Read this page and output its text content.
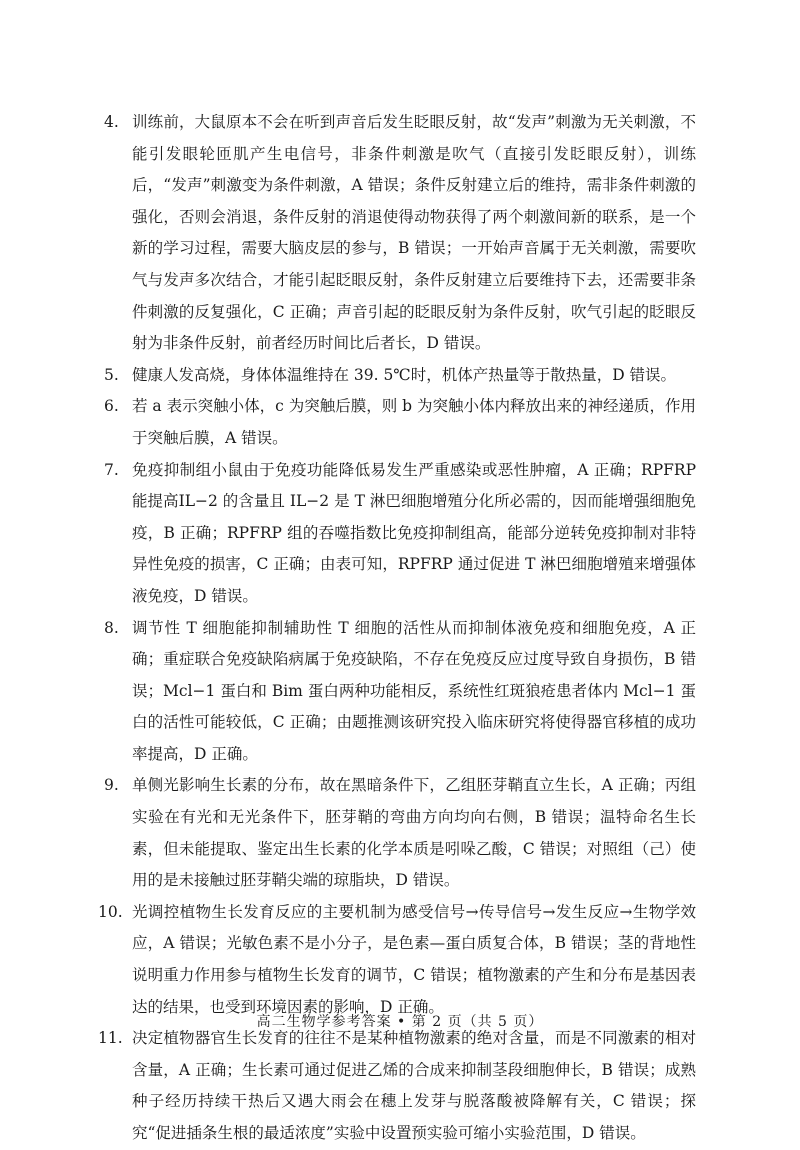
4. 训练前，大鼠原本不会在听到声音后发生眨眼反射，故“发声”刺激为无关刺激，不能引发眼轮匝肌产生电信号，非条件刺激是吹气（直接引发眨眼反射），训练后，“发声”刺激变为条件刺激，A 错误；条件反射建立后的维持，需非条件刺激的强化，否则会消退，条件反射的消退使得动物获得了两个刺激间新的联系，是一个新的学习过程，需要大脑皮层的参与，B 错误；一开始声音属于无关刺激，需要吹气与发声多次结合，才能引起眨眼反射，条件反射建立后要维持下去，还需要非条件刺激的反复强化，C 正确；声音引起的眨眼反射为条件反射，吹气引起的眨眼反射为非条件反射，前者经历时间比后者长，D 错误。
5. 健康人发高烧，身体体温维持在 39. 5℃时，机体产热量等于散热量，D 错误。
6. 若 a 表示突触小体，c 为突触后膜，则 b 为突触小体内释放出来的神经递质，作用于突触后膜，A 错误。
7. 免疫抑制组小鼠由于免疫功能降低易发生严重感染或恶性肿瘤，A 正确；RPFRP 能提高IL−2 的含量且 IL−2 是 T 淋巴细胞增殖分化所必需的，因而能增强细胞免疫，B 正确；RPFRP 组的吞噬指数比免疫抑制组高，能部分逆转免疫抑制对非特异性免疫的损害，C 正确；由表可知，RPFRP 通过促进 T 淋巴细胞增殖来增强体液免疫，D 错误。
8. 调节性 T 细胞能抑制辅助性 T 细胞的活性从而抑制体液免疫和细胞免疫，A 正确；重症联合免疫缺陷病属于免疫缺陷，不存在免疫反应过度导致自身损伤，B 错误；Mcl−1 蛋白和 Bim 蛋白两种功能相反，系统性红斑狼疮患者体内 Mcl−1 蛋白的活性可能较低，C 正确；由题推测该研究投入临床研究将使得器官移植的成功率提高，D 正确。
9. 单侧光影响生长素的分布，故在黑暗条件下，乙组胚芽鞘直立生长，A 正确；丙组实验在有光和无光条件下，胚芽鞘的弯曲方向均向右侧，B 错误；温特命名生长素，但未能提取、鉴定出生长素的化学本质是吲哚乙酸，C 错误；对照组（己）使用的是未接触过胚芽鞘尖端的琼脂块，D 错误。
10. 光调控植物生长发育反应的主要机制为感受信号→传导信号→发生反应→生物学效应，A 错误；光敏色素不是小分子，是色素—蛋白质复合体，B 错误；茎的背地性说明重力作用参与植物生长发育的调节，C 错误；植物激素的产生和分布是基因表达的结果，也受到环境因素的影响，D 正确。
11. 决定植物器官生长发育的往往不是某种植物激素的绝对含量，而是不同激素的相对含量，A 正确；生长素可通过促进乙烯的合成来抑制茎段细胞伸长，B 错误；成熟种子经历持续干热后又遇大雨会在穗上发芽与脱落酸被降解有关，C 错误；探究“促进插条生根的最适浓度”实验中设置预实验可缩小实验范围，D 错误。
高二生物学参考答案 • 第 2 页（共 5 页）
